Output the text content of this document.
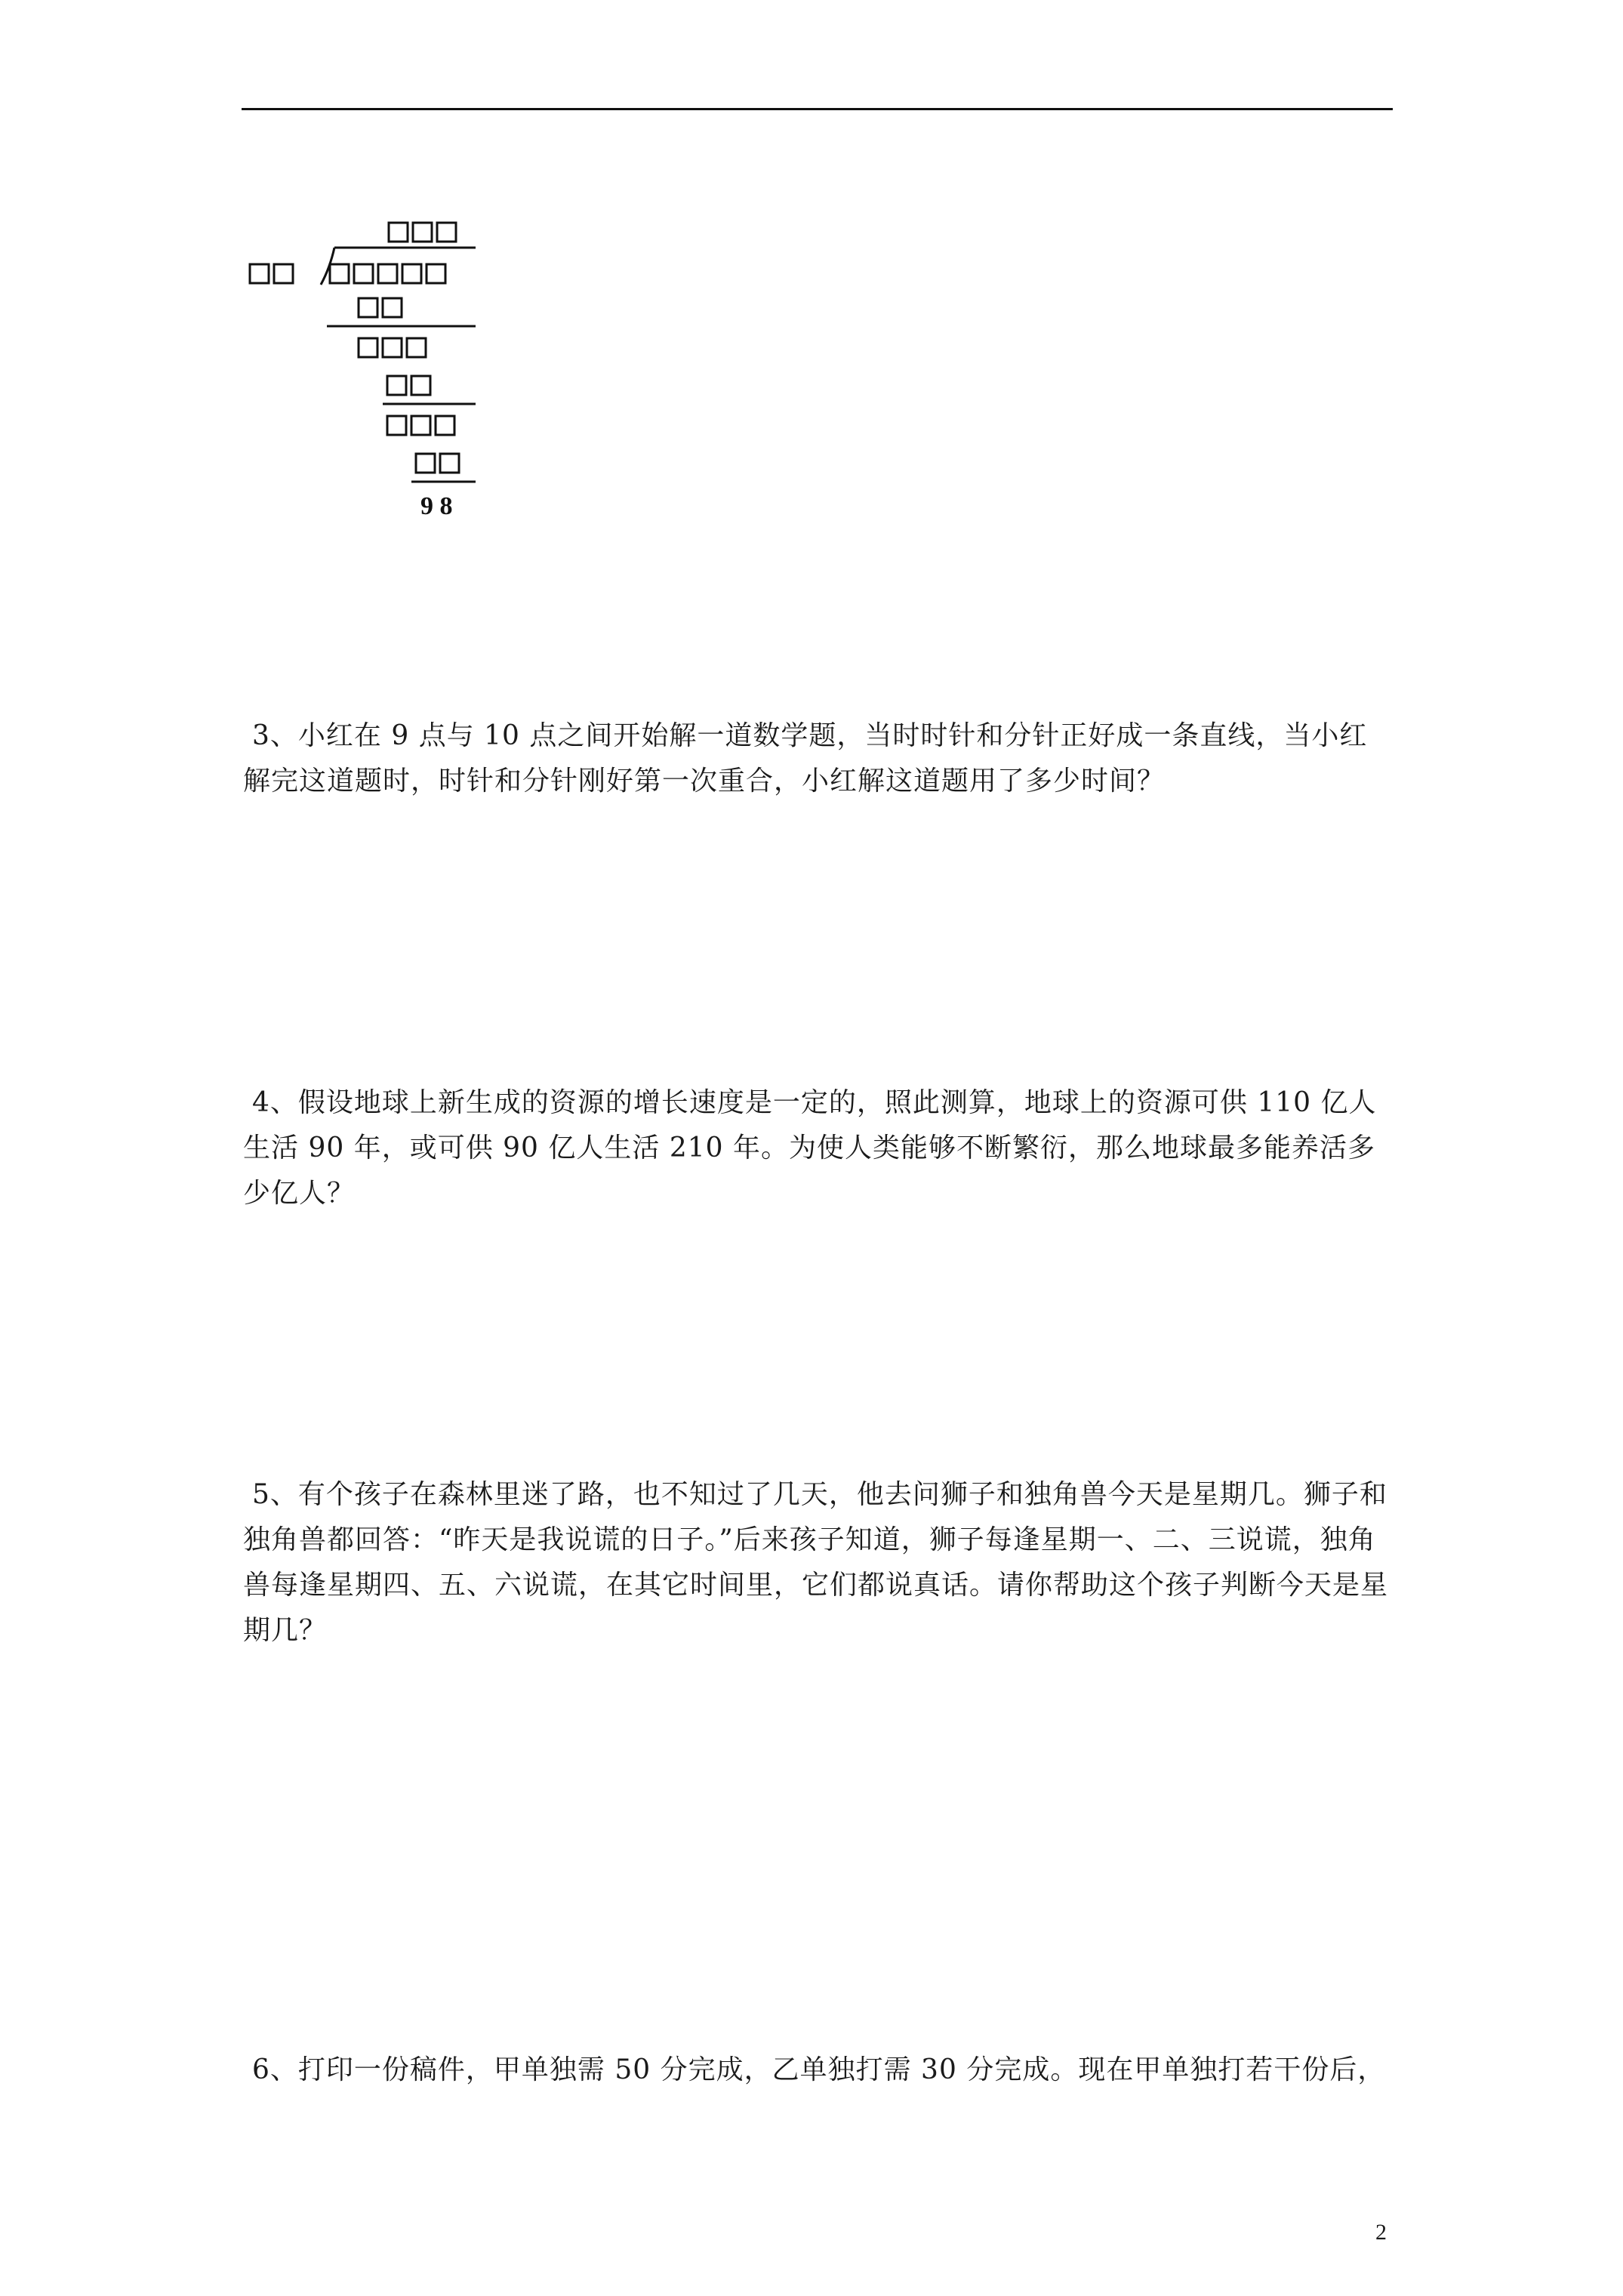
9 8

3、小红在 9 点与 10 点之间开始解一道数学题，当时时针和分针正好成一条直线，当小红解完这道题时，时针和分针刚好第一次重合，小红解这道题用了多少时间？

4、假设地球上新生成的资源的增长速度是一定的，照此测算，地球上的资源可供 110 亿人生活 90 年，或可供 90 亿人生活 210 年。为使人类能够不断繁衍，那么地球最多能养活多少亿人？

5、有个孩子在森林里迷了路，也不知过了几天，他去问狮子和独角兽今天是星期几。狮子和独角兽都回答：“昨天是我说谎的日子。”后来孩子知道，狮子每逢星期一、二、三说谎，独角兽每逢星期四、五、六说谎，在其它时间里，它们都说真话。请你帮助这个孩子判断今天是星期几？

6、打印一份稿件，甲单独需 50 分完成，乙单独打需 30 分完成。现在甲单独打若干份后，

2
